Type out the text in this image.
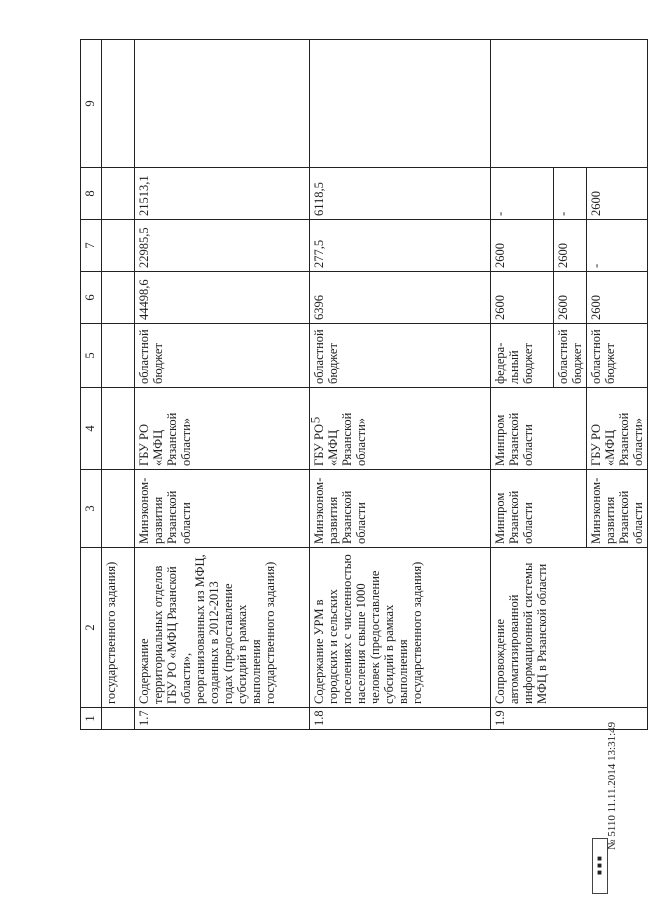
5
1	2	3	4	5	6	7	8	9
	государственного задания)							
1.7	Содержание территориальных отделов ГБУ РО «МФЦ Рязанской области», реорганизованных из МФЦ, созданных в 2012-2013 годах (предоставление субсидий в рамках выполнения государственного задания)	Минэконом-развития Рязанской области	ГБУ РО «МФЦ Рязанской области»	областной бюджет	44498,6	22985,5	21513,1	
1.8	Содержание УРМ в городских и сельских поселениях с численностью населения свыше 1000 человек (предоставление субсидий в рамках выполнения государственного задания)	Минэконом-развития Рязанской области	ГБУ РО «МФЦ Рязанской области»	областной бюджет	6396	277,5	6118,5	
1.9	Сопровождение автоматизированной информационной системы МФЦ в Рязанской области	Минпром Рязанской области	Минпром Рязанской области	федера-льный бюджет	2600	2600	-	
				областной бюджет	2600	2600	-	
		Минэконом-развития Рязанской области	ГБУ РО «МФЦ Рязанской области»	областной бюджет	2600	-	2600	
◼◼◼
№ 5110 11.11.2014 13:31:49
